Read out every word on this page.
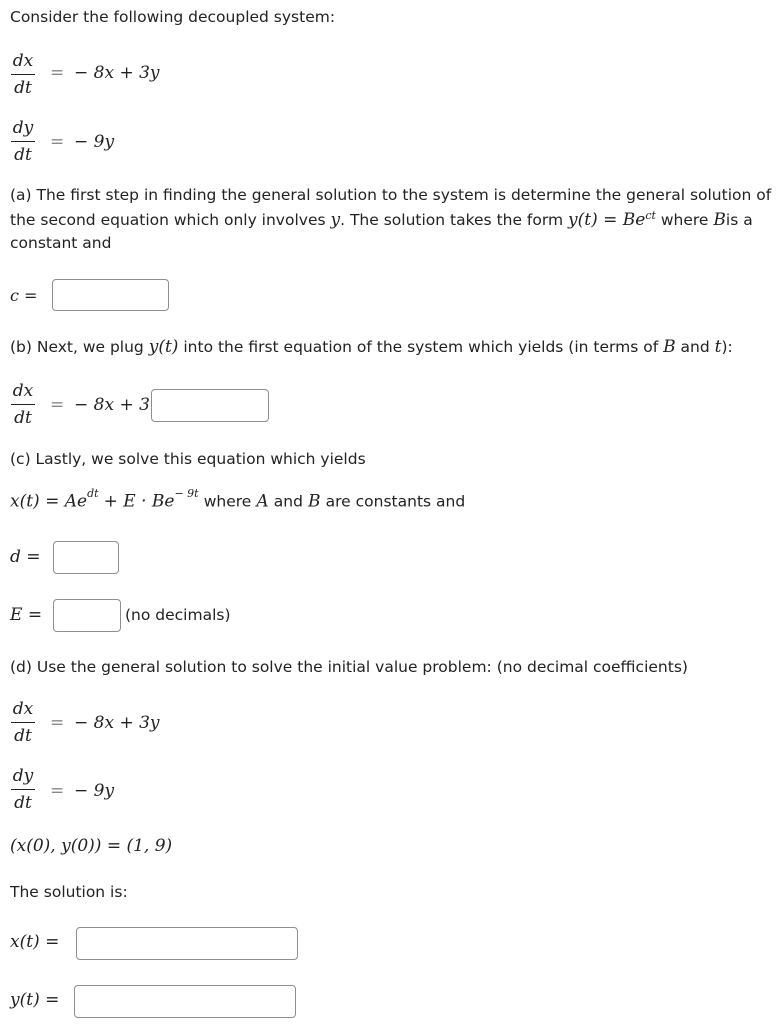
Consider the following decoupled system:
dx
dt
= − 8x + 3y
dy
dt
= − 9y
(a) The first step in finding the general solution to the system is determine the general solution of
the second equation which only involves y. The solution takes the form $y(t) = Be^{ct}$ where Bis a
constant and
c =
(b) Next, we plug y(t) into the first equation of the system which yields (in terms of B and t):
dx
dt
= − 8x + 3
(c) Lastly, we solve this equation which yields
$x(t) = Ae^{dt} + E \cdot Be^{- 9t}$ where A and B are constants and
d =
E =	(no decimals)
(d) Use the general solution to solve the initial value problem: (no decimal coefficients)
dx
dt
= − 8x + 3y
dy
dt
= − 9y
(x(0), y(0)) = (1, 9)
The solution is:
x(t) =
y(t) =
